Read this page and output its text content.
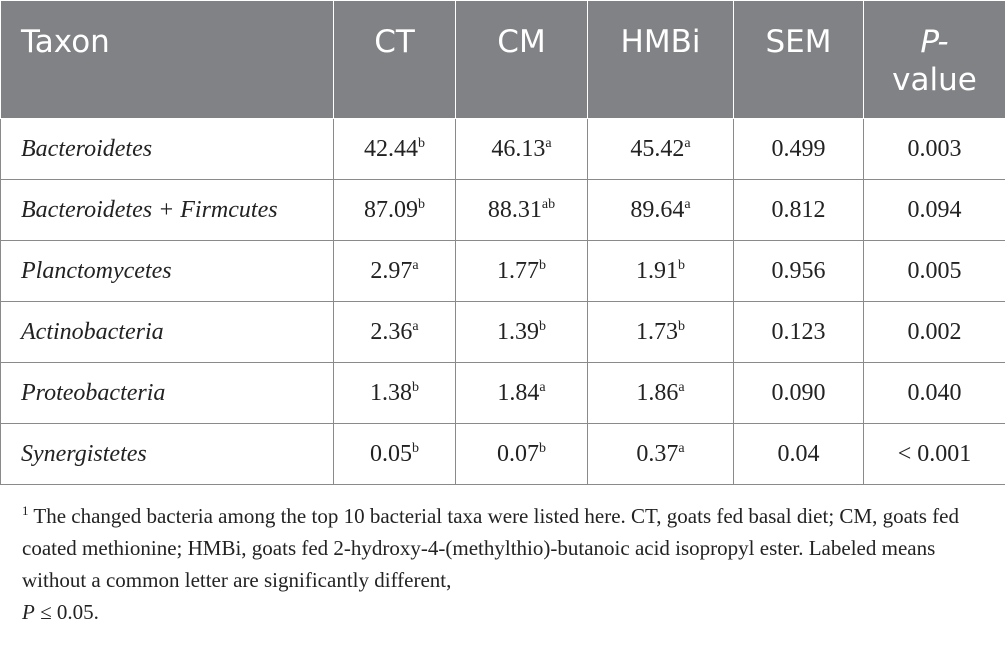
Taxon	CT	CM	HMBi	SEM	P-
value
Bacteroidetes	42.44$^b$	46.13$^a$	45.42$^a$	0.499	0.003
Bacteroidetes + Firmcutes	87.09$^b$	88.31$^{ab}$	89.64$^a$	0.812	0.094
Planctomycetes	2.97$^a$	1.77$^b$	1.91$^b$	0.956	0.005
Actinobacteria	2.36$^a$	1.39$^b$	1.73$^b$	0.123	0.002
Proteobacteria	1.38$^b$	1.84$^a$	1.86$^a$	0.090	0.040
Synergistetes	0.05$^b$	0.07$^b$	0.37$^a$	0.04	< 0.001
$^1$ The changed bacteria among the top 10 bacterial taxa were listed here. CT, goats fed basal diet; CM, goats fed coated methionine; HMBi, goats fed 2-hydroxy-4-(methylthio)-butanoic acid isopropyl ester. Labeled means without a common letter are significantly different,
P ≤ 0.05.
